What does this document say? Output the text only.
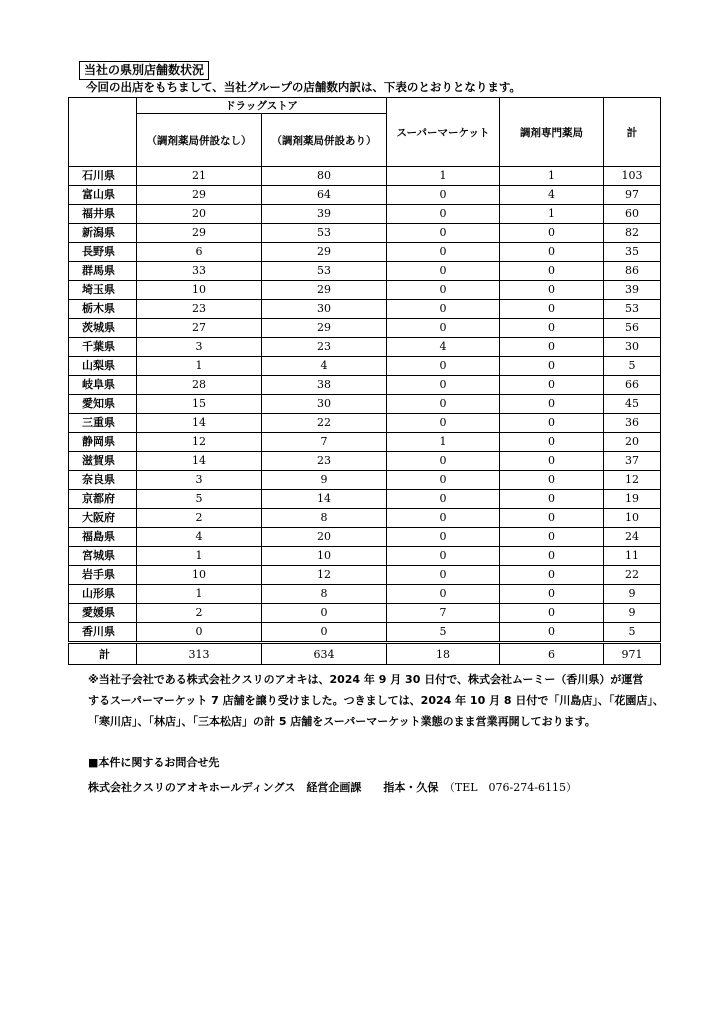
当社の県別店舗数状況
今回の出店をもちまして、当社グループの店舗数内訳は、下表のとおりとなります。
	ドラッグストア		スーパーマーケット	調剤専門薬局	計
	（調剤薬局併設なし）	（調剤薬局併設あり）			
石川県	21	80	1	1	103
富山県	29	64	0	4	97
福井県	20	39	0	1	60
新潟県	29	53	0	0	82
長野県	6	29	0	0	35
群馬県	33	53	0	0	86
埼玉県	10	29	0	0	39
栃木県	23	30	0	0	53
茨城県	27	29	0	0	56
千葉県	3	23	4	0	30
山梨県	1	4	0	0	5
岐阜県	28	38	0	0	66
愛知県	15	30	0	0	45
三重県	14	22	0	0	36
静岡県	12	7	1	0	20
滋賀県	14	23	0	0	37
奈良県	3	9	0	0	12
京都府	5	14	0	0	19
大阪府	2	8	0	0	10
福島県	4	20	0	0	24
宮城県	1	10	0	0	11
岩手県	10	12	0	0	22
山形県	1	8	0	0	9
愛媛県	2	0	7	0	9
香川県	0	0	5	0	5
計	313	634	18	6	971

※当社子会社である株式会社クスリのアオキは、2024 年 9 月 30 日付で、株式会社ムーミー（香川県）が運営

するスーパーマーケット 7 店舗を譲り受けました。つきましては、2024 年 10 月 8 日付で「川島店」、「花園店」、

「寒川店」、「林店」、「三本松店」の計 5 店舗をスーパーマーケット業態のまま営業再開しております。

■本件に関するお問合せ先
株式会社クスリのアオキホールディングス　経営企画課　　指本・久保　 （TEL　076-274-6115）
